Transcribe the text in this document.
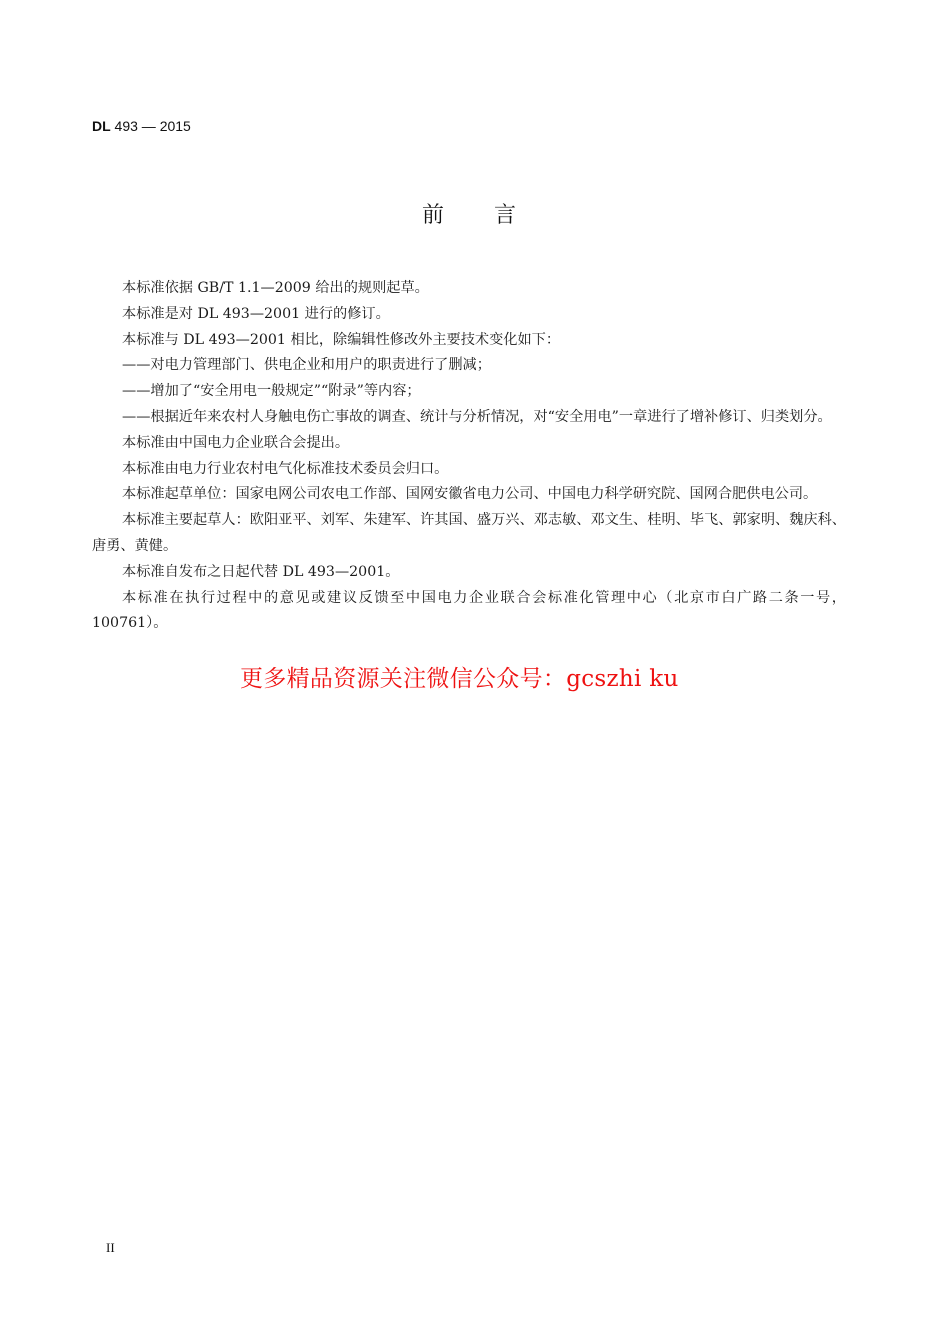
DL 493 — 2015
前言

本标准依据 GB/T 1.1—2009 给出的规则起草。

本标准是对 DL 493—2001 进行的修订。

本标准与 DL 493—2001 相比，除编辑性修改外主要技术变化如下：

——对电力管理部门、供电企业和用户的职责进行了删减；

——增加了“安全用电一般规定”“附录”等内容；

——根据近年来农村人身触电伤亡事故的调查、统计与分析情况，对“安全用电”一章进行了增补修订、归类划分。

本标准由中国电力企业联合会提出。

本标准由电力行业农村电气化标准技术委员会归口。

本标准起草单位：国家电网公司农电工作部、国网安徽省电力公司、中国电力科学研究院、国网合肥供电公司。

本标准主要起草人：欧阳亚平、刘军、朱建军、许其国、盛万兴、邓志敏、邓文生、桂明、毕飞、郭家明、魏庆科、唐勇、黄健。

本标准自发布之日起代替 DL 493—2001。

本标准在执行过程中的意见或建议反馈至中国电力企业联合会标准化管理中心（北京市白广路二条一号，100761）。

更多精品资源关注微信公众号：gcszhi ku
II
